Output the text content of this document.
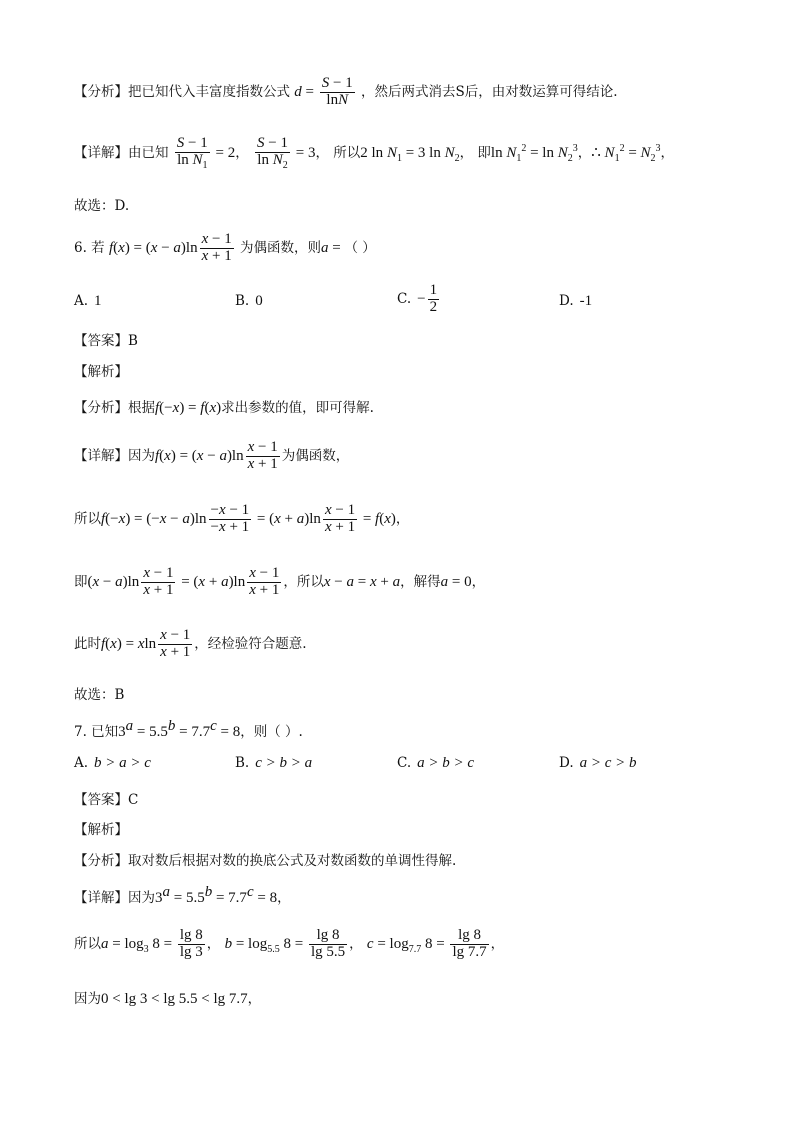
【分析】把已知代入丰富度指数公式 $d = \frac{S - 1}{\ln N}$ ，然后两式消去S后，由对数运算可得结论.
【详解】由已知 $\frac{S - 1}{\ln N_1} = 2$， $\frac{S - 1}{\ln N_2} = 3$， 所以2 $\ln N_1 = 3$ $\ln N_2$， 即$\ln N_1^2 = \ln N_2^3$，∴ $N_1^2 = N_2^3$，
故选：D.
6. 若 $f(x) = (x - a)\ln \frac{x - 1}{x + 1}$ 为偶函数，则a = （ ）
A. 1	B. 0	C. − $\frac{1}{2}$	D. -1
【答案】B
【解析】
【分析】根据f(−x) = f(x)求出参数的值，即可得解.
【详解】因为$f(x) = (x - a)\ln \frac{x - 1}{x + 1}$ 为偶函数，
所以$f(-x) = (-x - a)\ln \frac{-x - 1}{-x + 1} = (x + a)\ln \frac{x - 1}{x + 1} = f(x)$，
即$(x - a)\ln \frac{x - 1}{x + 1} = (x + a)\ln \frac{x - 1}{x + 1}$ ，所以x − a = x + a，解得a = 0，
此时f(x) = xln $\frac{x - 1}{x + 1}$ ，经检验符合题意.
故选：B
7. 已知$3^a = 5.5^b = 7.7^c = 8$，则（ ）.
A. b > a > c	B. c > b > a	C. a > b > c	D. a > c > b
【答案】C
【解析】
【分析】取对数后根据对数的换底公式及对数函数的单调性得解.
【详解】因为$3^a = 5.5^b = 7.7^c = 8$，
所以$a = \log_3 8 = \frac{\lg 8}{\lg 3}$ ， $b = \log_{5.5} 8 = \frac{\lg 8}{\lg 5.5}$ ， $c = \log_{7.7} 8 = \frac{\lg 8}{\lg 7.7}$ ，
因为0 < lg 3 < lg 5.5 < lg 7.7，
